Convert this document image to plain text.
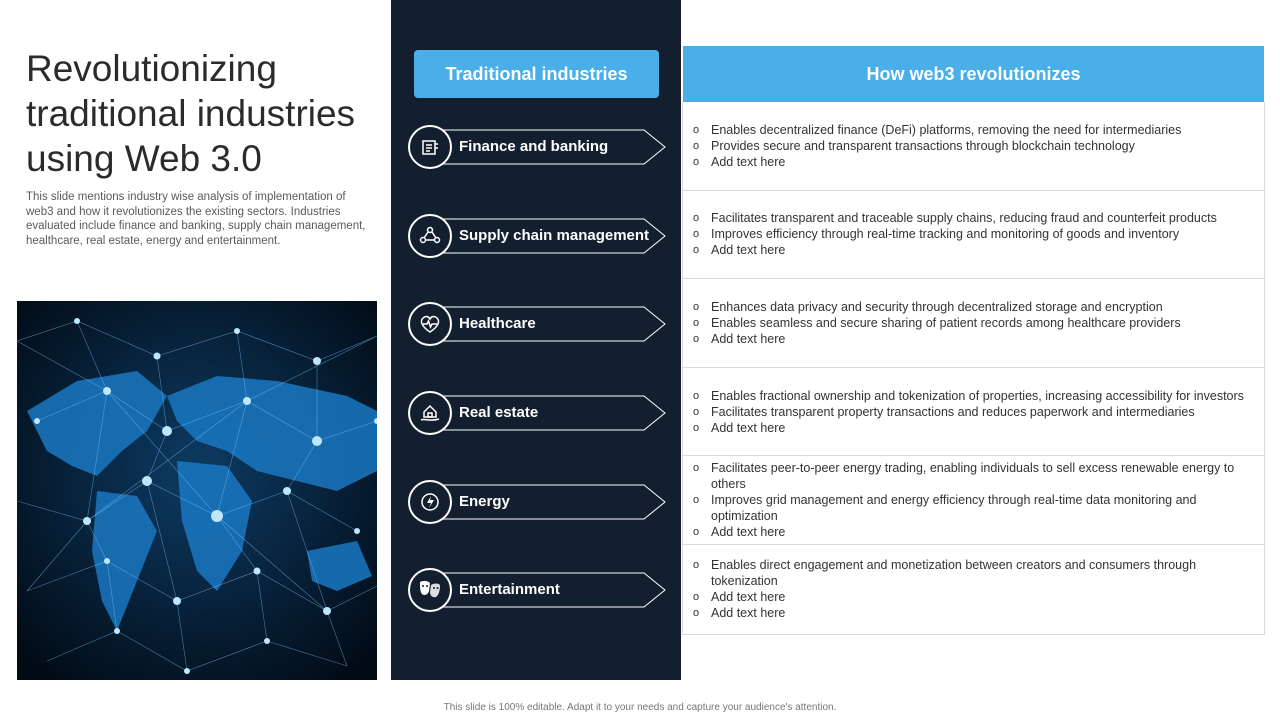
Revolutionizing traditional industries using Web 3.0

This slide mentions industry wise analysis of implementation of web3 and how it revolutionizes the existing sectors. Industries evaluated include finance and banking, supply chain management, healthcare, real estate, energy and entertainment.

Traditional industries
Finance and banking
Supply chain management
Healthcare
Real estate
Energy
Entertainment
How web3 revolutionizes
o Enables decentralized finance (DeFi) platforms, removing the need for intermediaries
o Provides secure and transparent transactions through blockchain technology
o Add text here
o Facilitates transparent and traceable supply chains, reducing fraud and counterfeit products
o Improves efficiency through real-time tracking and monitoring of goods and inventory
o Add text here
o Enhances data privacy and security through decentralized storage and encryption
o Enables seamless and secure sharing of patient records among healthcare providers
o Add text here
o Enables fractional ownership and tokenization of properties, increasing accessibility for investors
o Facilitates transparent property transactions and reduces paperwork and intermediaries
o Add text here
o Facilitates peer-to-peer energy trading, enabling individuals to sell excess renewable energy to others
o Improves grid management and energy efficiency through real-time data monitoring and optimization
o Add text here
o Enables direct engagement and monetization between creators and consumers through tokenization
o Add text here
o Add text here
This slide is 100% editable. Adapt it to your needs and capture your audience's attention.
